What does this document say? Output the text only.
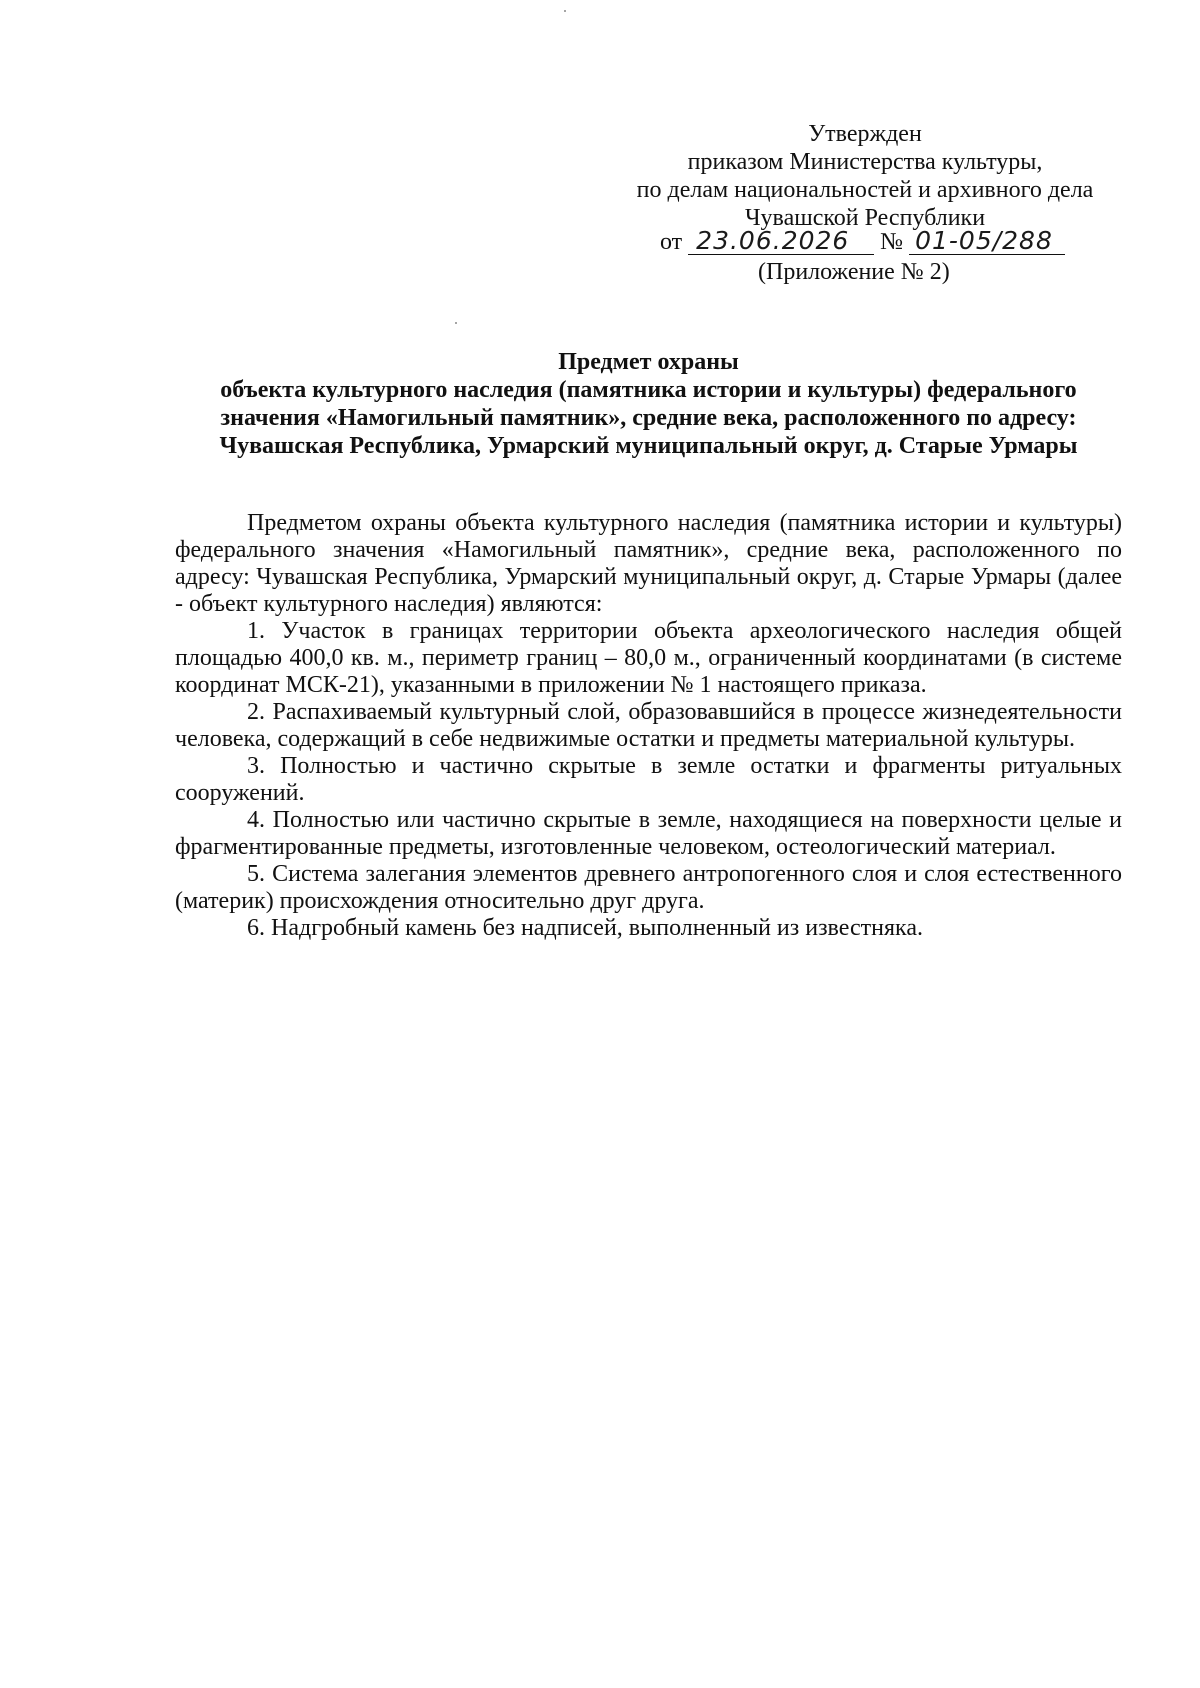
Утвержден
приказом Министерства культуры,
по делам национальностей и архивного дела
Чувашской Республики
от 23.06.2026 № 01-05/288
(Приложение № 2)
Предмет охраны
объекта культурного наследия (памятника истории и культуры) федерального значения «Намогильный памятник», средние века, расположенного по адресу: Чувашская Республика, Урмарский муниципальный округ, д. Старые Урмары

Предметом охраны объекта культурного наследия (памятника истории и культуры) федерального значения «Намогильный памятник», средние века, расположенного по адресу: Чувашская Республика, Урмарский муниципальный округ, д. Старые Урмары (далее - объект культурного наследия) являются:

1. Участок в границах территории объекта археологического наследия общей площадью 400,0 кв. м., периметр границ – 80,0 м., ограниченный координатами (в системе координат МСК-21), указанными в приложении № 1 настоящего приказа.

2. Распахиваемый культурный слой, образовавшийся в процессе жизнедеятельности человека, содержащий в себе недвижимые остатки и предметы материальной культуры.

3. Полностью и частично скрытые в земле остатки и фрагменты ритуальных сооружений.

4. Полностью или частично скрытые в земле, находящиеся на поверхности целые и фрагментированные предметы, изготовленные человеком, остеологический материал.

5. Система залегания элементов древнего антропогенного слоя и слоя естественного (материк) происхождения относительно друг друга.

6. Надгробный камень без надписей, выполненный из известняка.
